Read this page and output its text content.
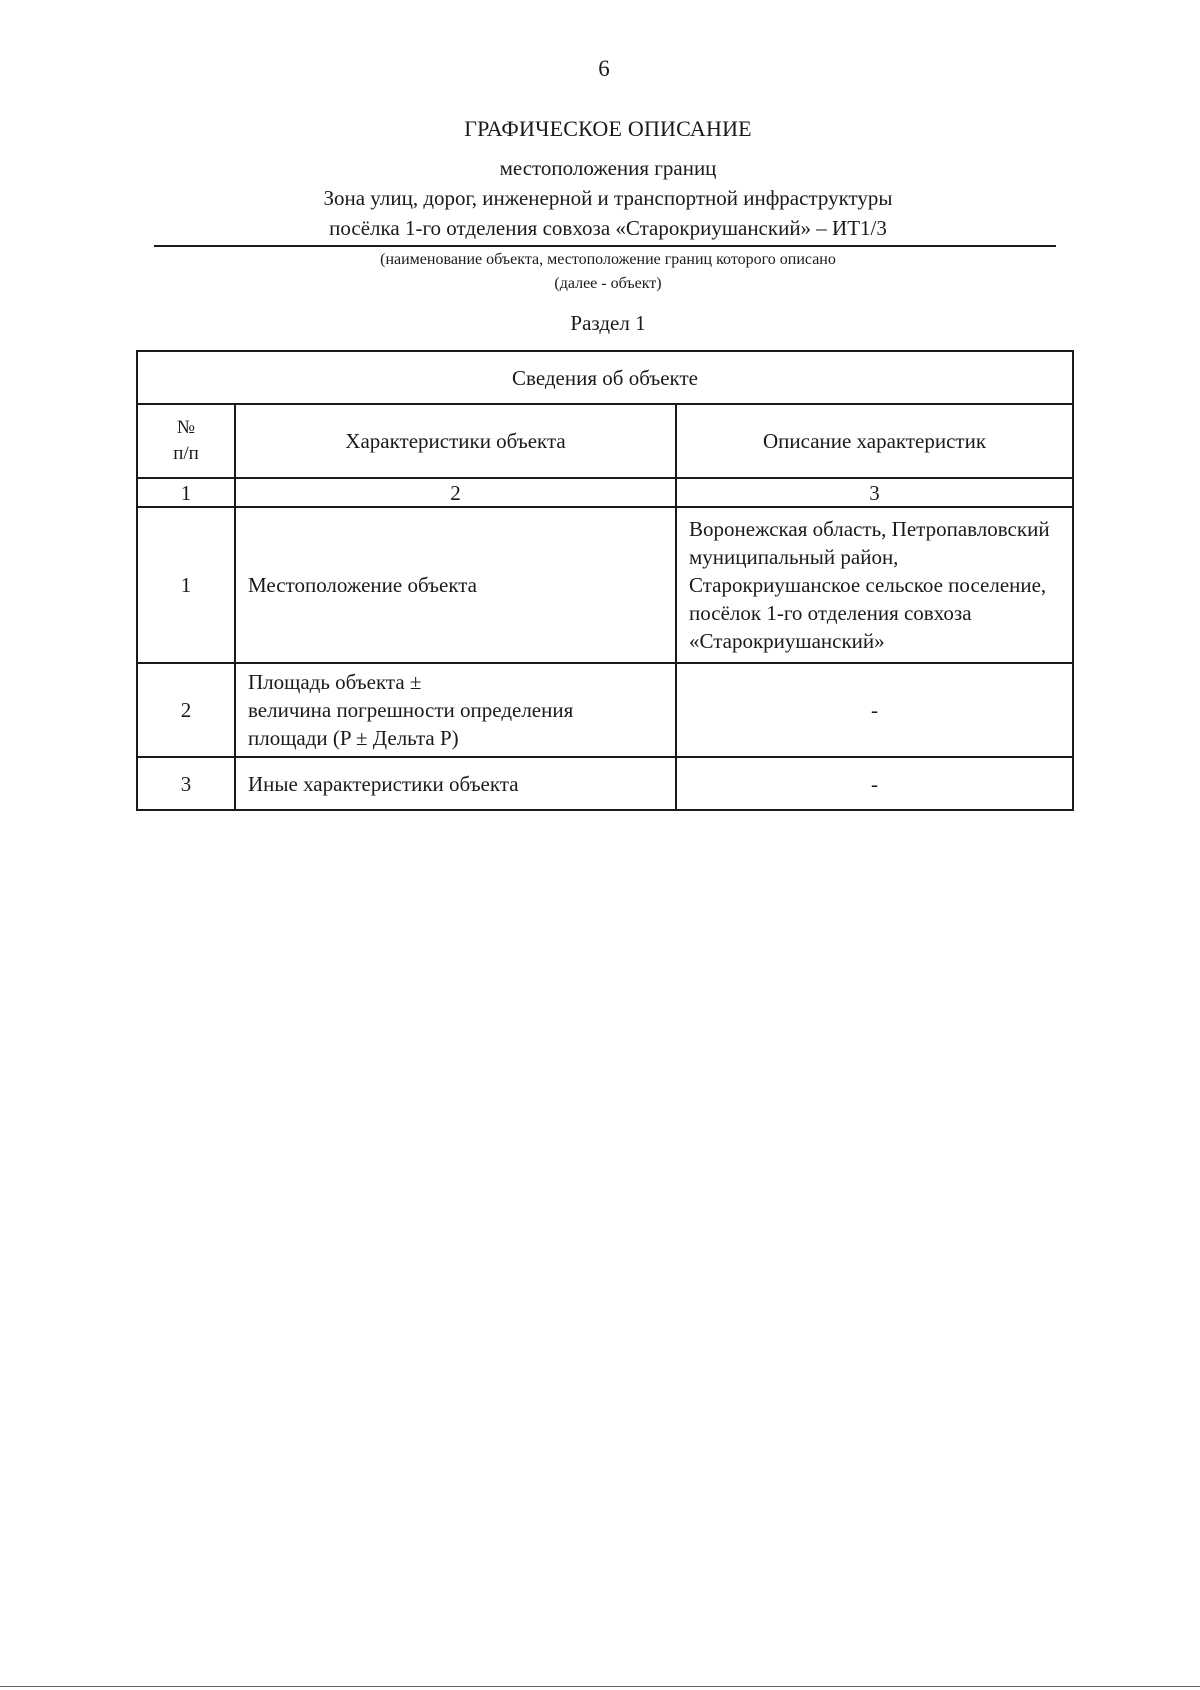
6
ГРАФИЧЕСКОЕ ОПИСАНИЕ
местоположения границ
Зона улиц, дорог, инженерной и транспортной инфраструктуры
посёлка 1-го отделения совхоза «Старокриушанский» – ИТ1/3
(наименование объекта, местоположение границ которого описано
(далее - объект)
Раздел 1
Сведения об объекте		
№
п/п	Характеристики объекта	Описание характеристик
1	2	3
1	Местоположение объекта	Воронежская область, Петропавловский
муниципальный район,
Старокриушанское сельское поселение,
посёлок 1-го отделения совхоза
«Старокриушанский»
2	Площадь объекта ±
величина погрешности определения
площади (P ± Дельта P)	-
3	Иные характеристики объекта	-
